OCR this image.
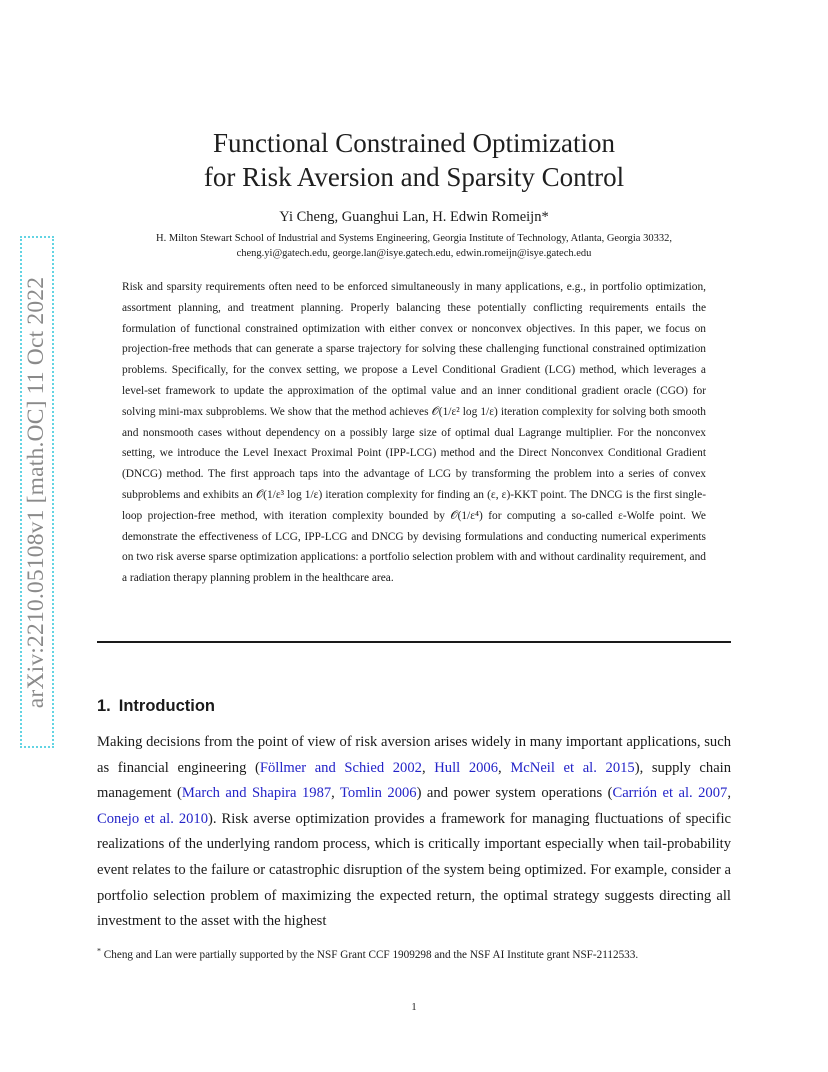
arXiv:2210.05108v1 [math.OC] 11 Oct 2022
Functional Constrained Optimization
for Risk Aversion and Sparsity Control
Yi Cheng, Guanghui Lan, H. Edwin Romeijn*
H. Milton Stewart School of Industrial and Systems Engineering, Georgia Institute of Technology, Atlanta, Georgia 30332,
cheng.yi@gatech.edu, george.lan@isye.gatech.edu, edwin.romeijn@isye.gatech.edu

Risk and sparsity requirements often need to be enforced simultaneously in many applications, e.g., in portfolio optimization, assortment planning, and treatment planning. Properly balancing these potentially conflicting requirements entails the formulation of functional constrained optimization with either convex or nonconvex objectives. In this paper, we focus on projection-free methods that can generate a sparse trajectory for solving these challenging functional constrained optimization problems. Specifically, for the convex setting, we propose a Level Conditional Gradient (LCG) method, which leverages a level-set framework to update the approximation of the optimal value and an inner conditional gradient oracle (CGO) for solving mini-max subproblems. We show that the method achieves 𝒪(1/ε² log 1/ε) iteration complexity for solving both smooth and nonsmooth cases without dependency on a possibly large size of optimal dual Lagrange multiplier. For the nonconvex setting, we introduce the Level Inexact Proximal Point (IPP-LCG) method and the Direct Nonconvex Conditional Gradient (DNCG) method. The first approach taps into the advantage of LCG by transforming the problem into a series of convex subproblems and exhibits an 𝒪(1/ε³ log 1/ε) iteration complexity for finding an (ε, ε)-KKT point. The DNCG is the first single-loop projection-free method, with iteration complexity bounded by 𝒪(1/ε⁴) for computing a so-called ε-Wolfe point. We demonstrate the effectiveness of LCG, IPP-LCG and DNCG by devising formulations and conducting numerical experiments on two risk averse sparse optimization applications: a portfolio selection problem with and without cardinality requirement, and a radiation therapy planning problem in the healthcare area.

1. Introduction

Making decisions from the point of view of risk aversion arises widely in many important applications, such as financial engineering (Föllmer and Schied 2002, Hull 2006, McNeil et al. 2015), supply chain management (March and Shapira 1987, Tomlin 2006) and power system operations (Carrión et al. 2007, Conejo et al. 2010). Risk averse optimization provides a framework for managing fluctuations of specific realizations of the underlying random process, which is critically important especially when tail-probability event relates to the failure or catastrophic disruption of the system being optimized. For example, consider a portfolio selection problem of maximizing the expected return, the optimal strategy suggests directing all investment to the asset with the highest

* Cheng and Lan were partially supported by the NSF Grant CCF 1909298 and the NSF AI Institute grant NSF-2112533.

1
